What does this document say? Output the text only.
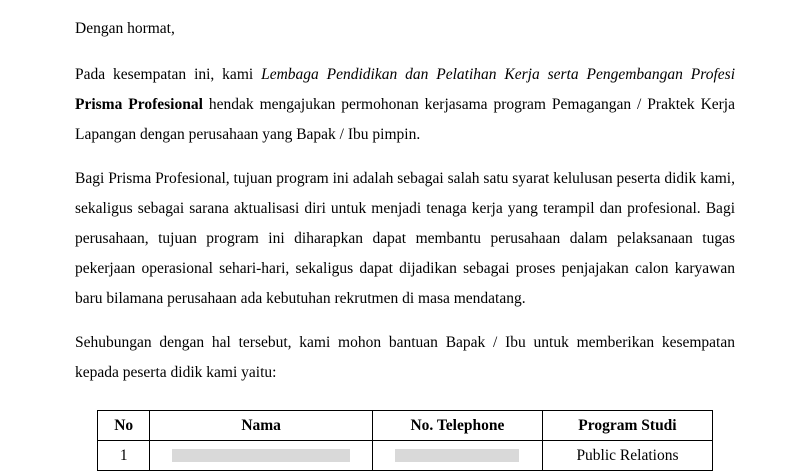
Dengan hormat,

Pada kesempatan ini, kami Lembaga Pendidikan dan Pelatihan Kerja serta Pengembangan Profesi Prisma Profesional hendak mengajukan permohonan kerjasama program Pemagangan / Praktek Kerja Lapangan dengan perusahaan yang Bapak / Ibu pimpin.

Bagi Prisma Profesional, tujuan program ini adalah sebagai salah satu syarat kelulusan peserta didik kami, sekaligus sebagai sarana aktualisasi diri untuk menjadi tenaga kerja yang terampil dan profesional. Bagi perusahaan, tujuan program ini diharapkan dapat membantu perusahaan dalam pelaksanaan tugas pekerjaan operasional sehari-hari, sekaligus dapat dijadikan sebagai proses penjajakan calon karyawan baru bilamana perusahaan ada kebutuhan rekrutmen di masa mendatang.

Sehubungan dengan hal tersebut, kami mohon bantuan Bapak / Ibu untuk memberikan kesempatan kepada peserta didik kami yaitu:

No	Nama	No. Telephone	Program Studi
1			Public Relations
